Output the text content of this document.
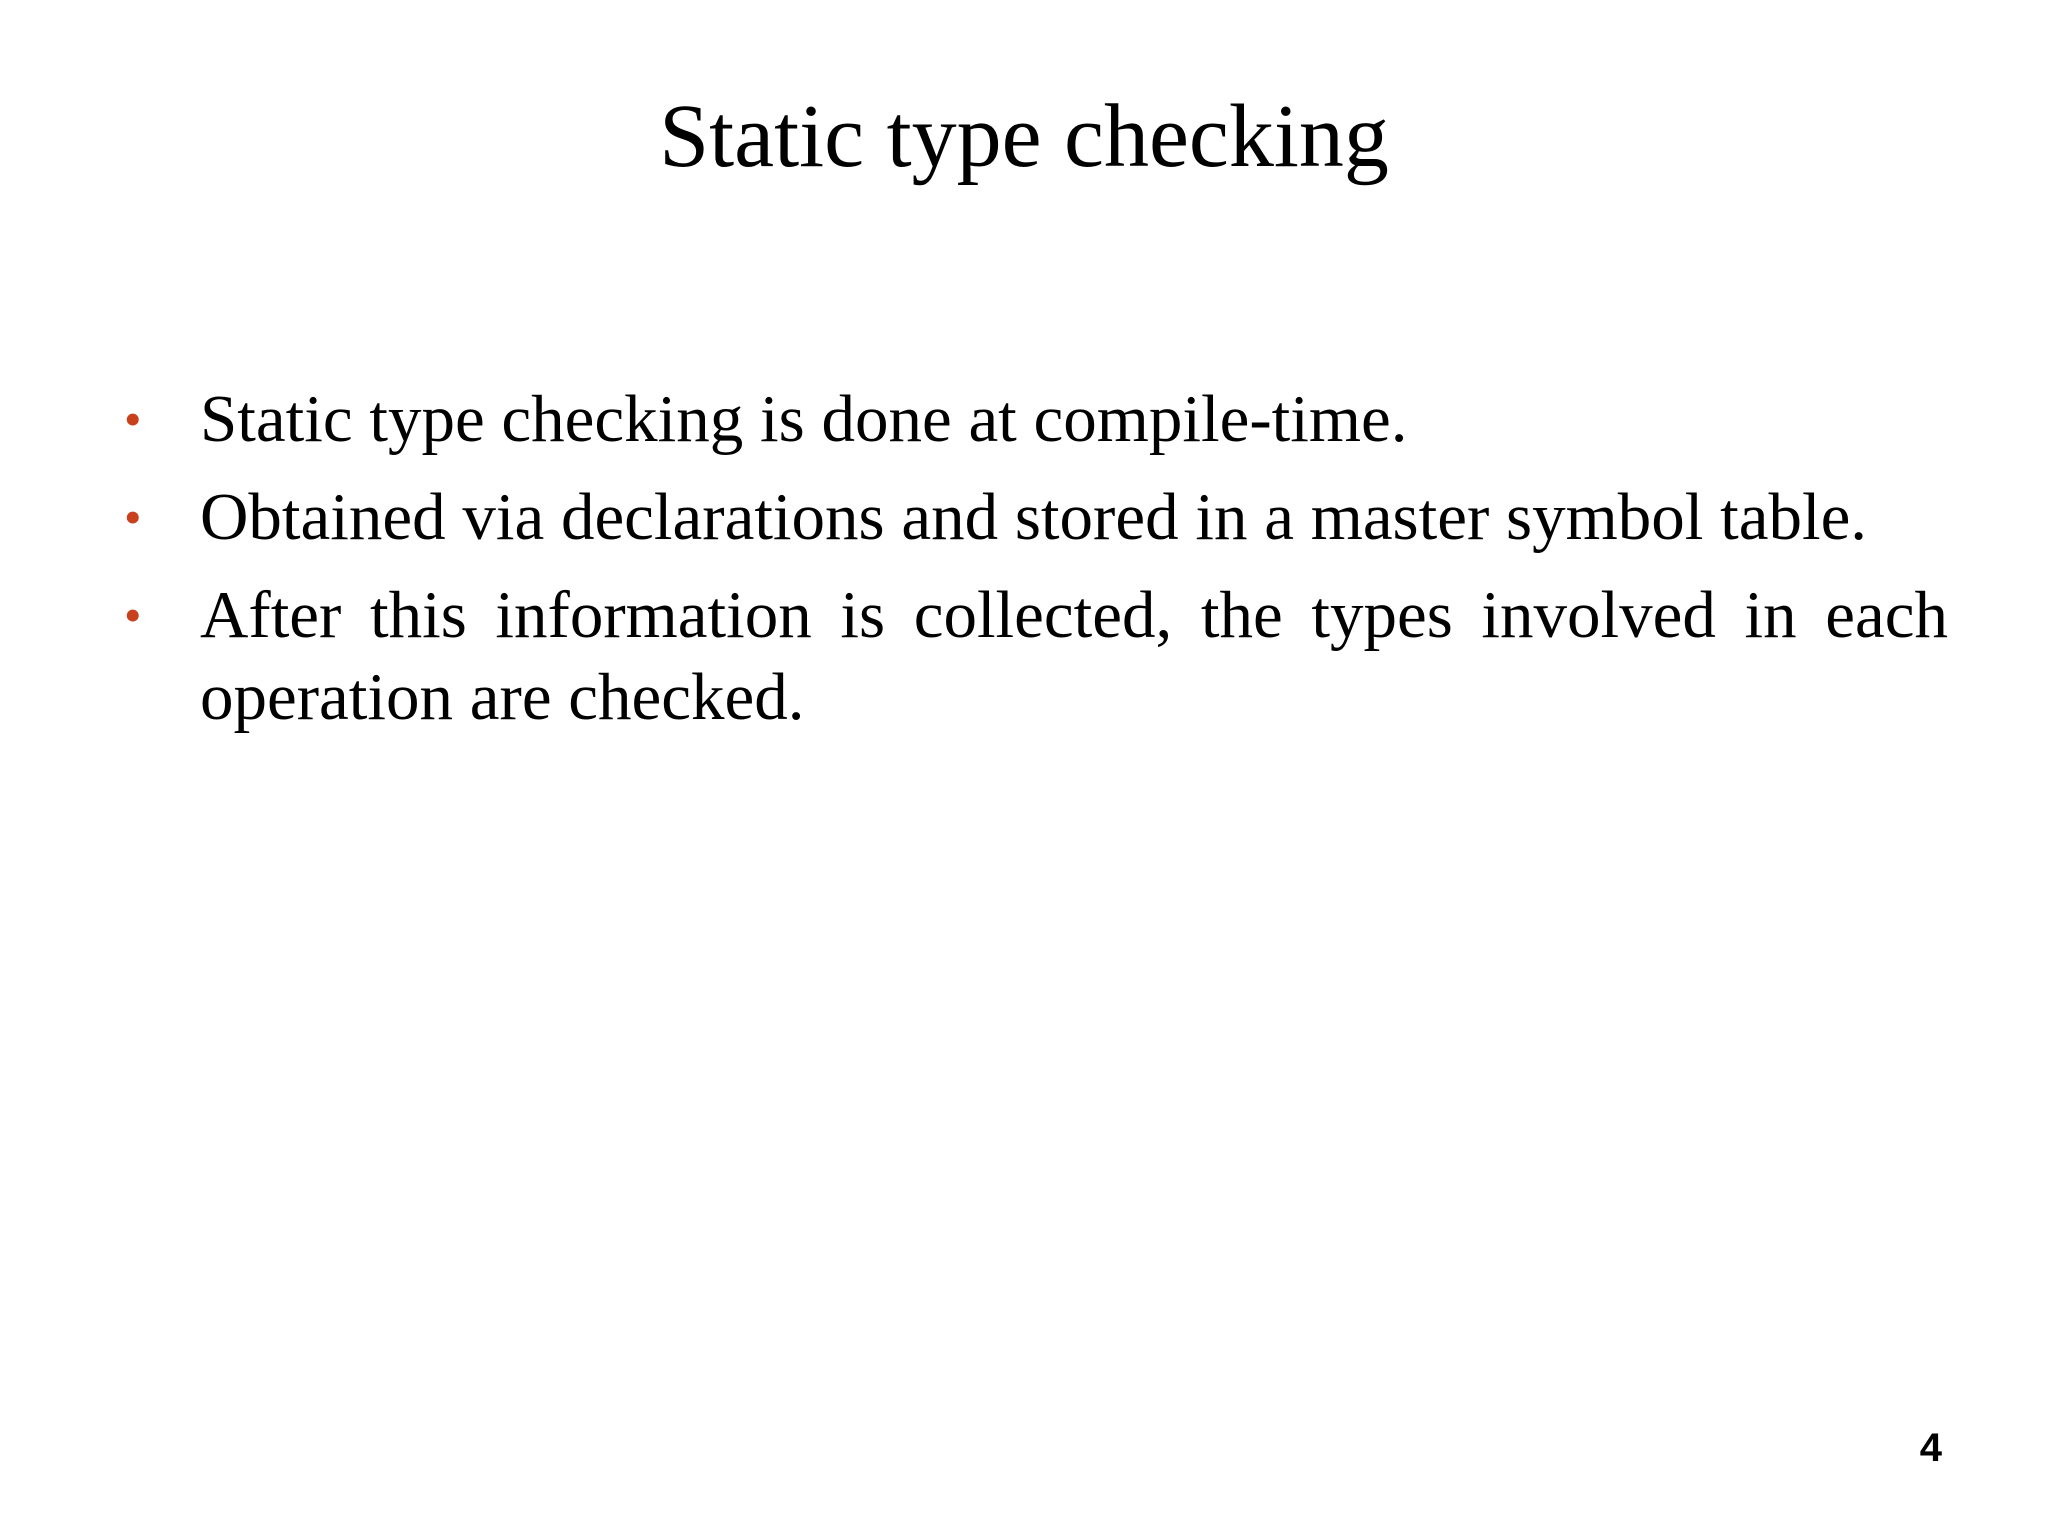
Static type checking
• Static type checking is done at compile-time.
• Obtained via declarations and stored in a master symbol table.
• After this information is collected, the types involved in each operation are checked.
4
